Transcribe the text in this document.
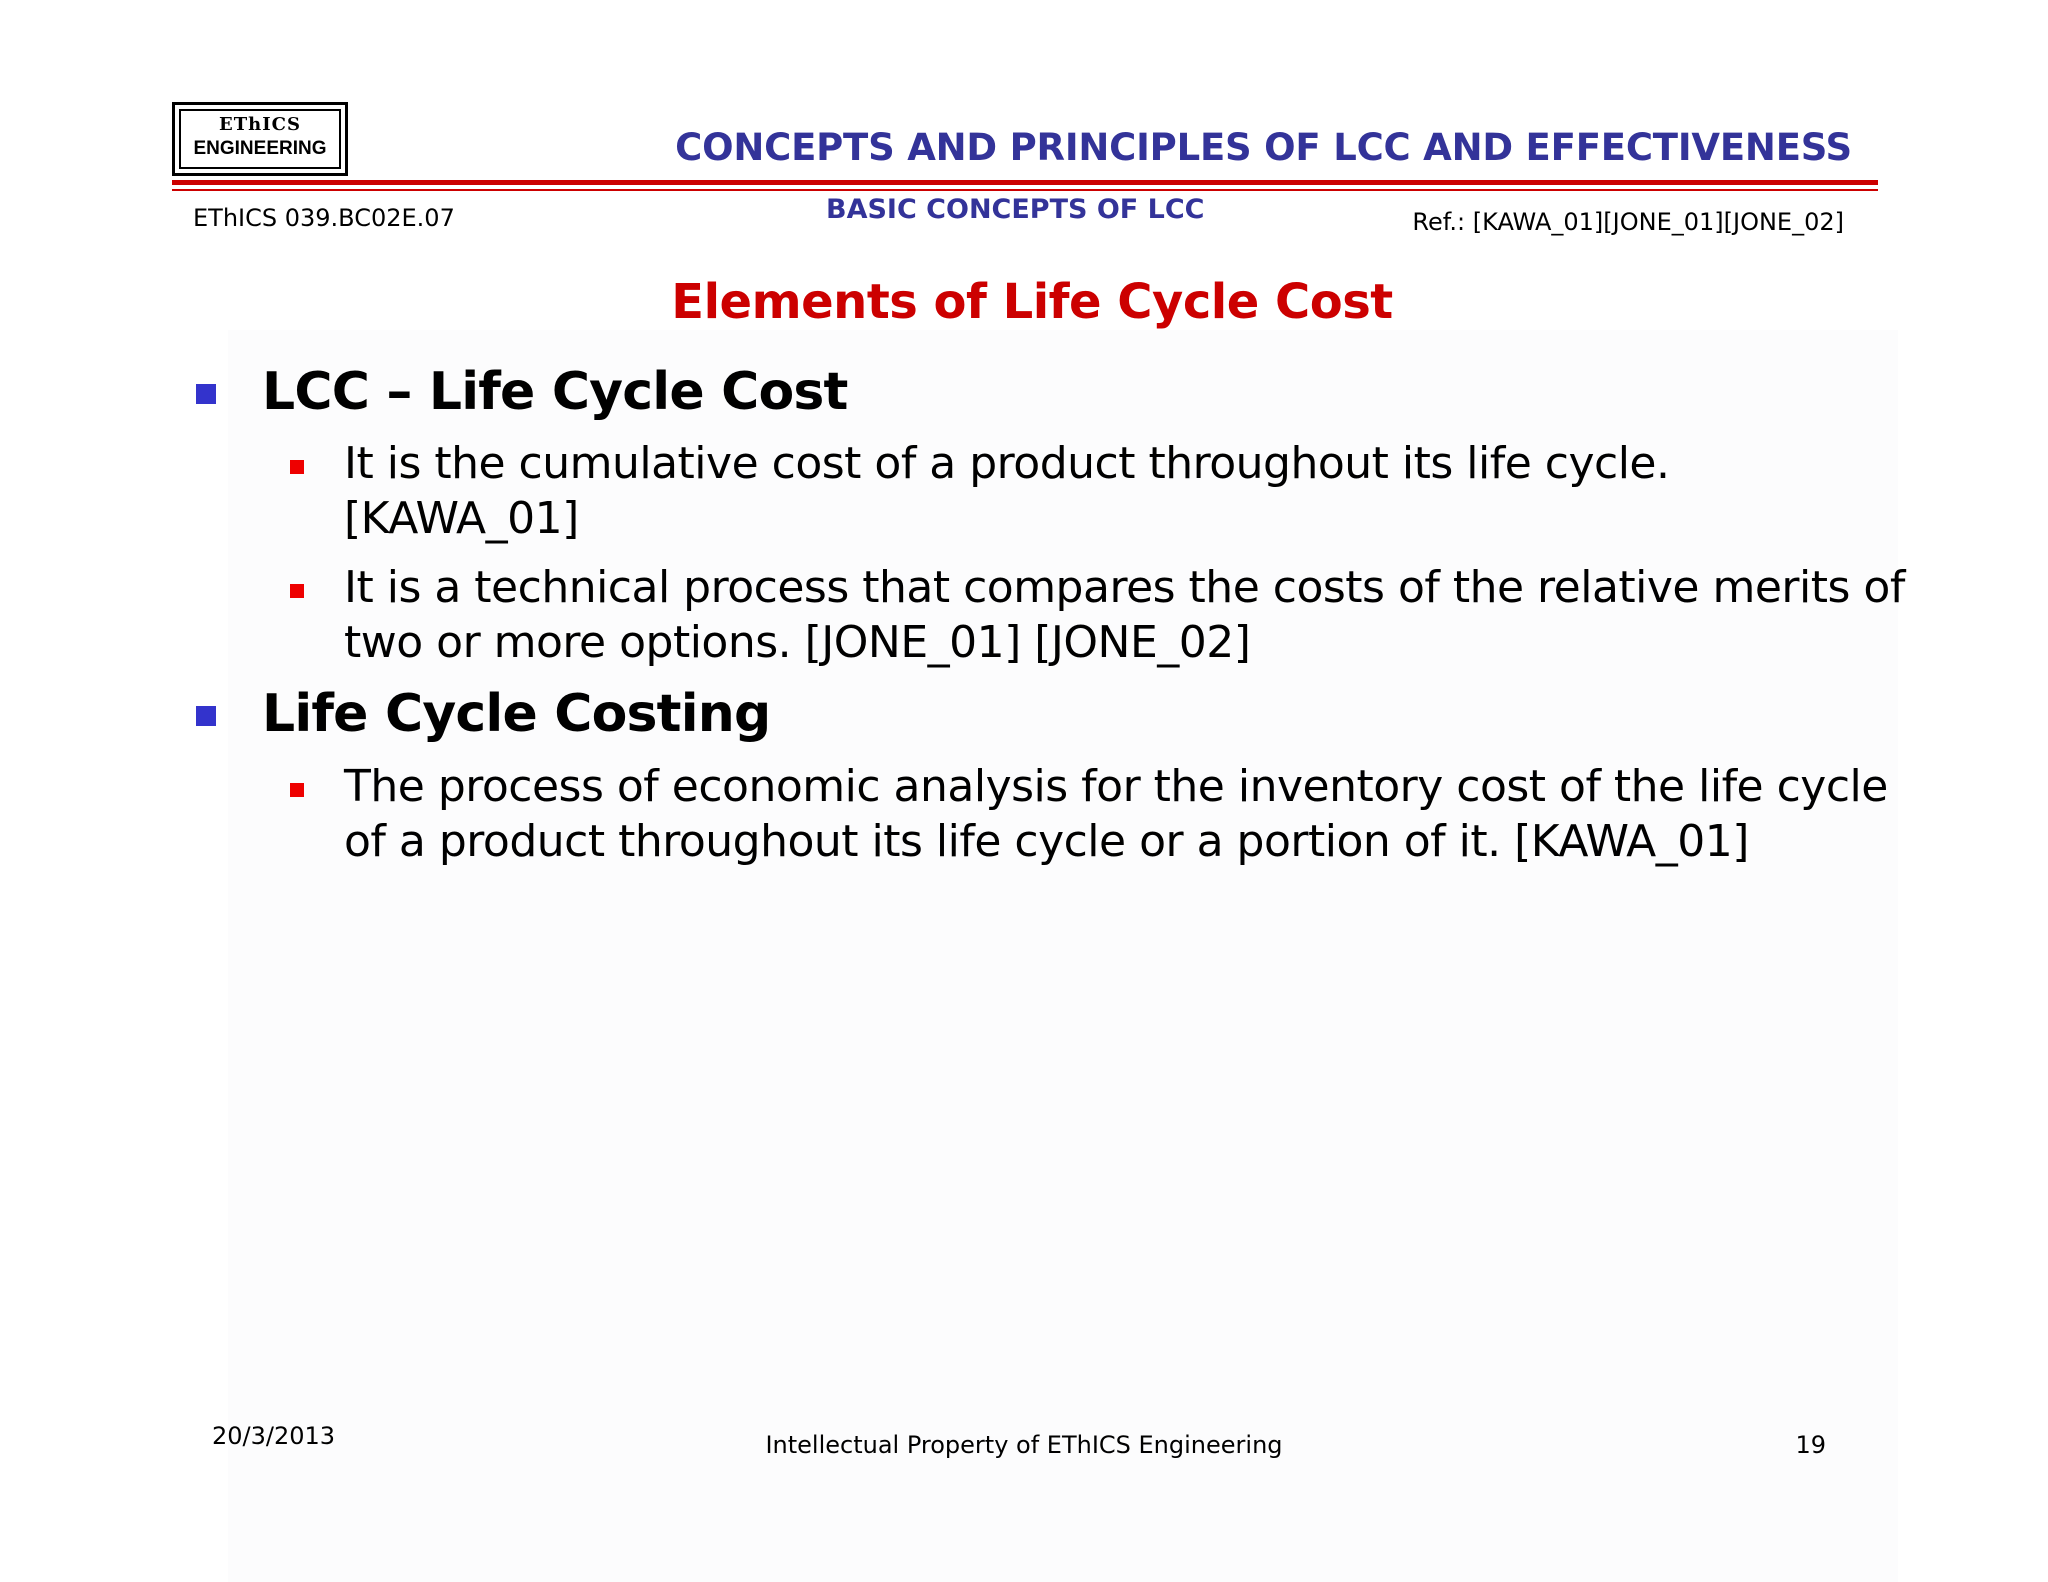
EThICS
ENGINEERING	CONCEPTS AND PRINCIPLES OF LCC AND EFFECTIVENESS
EThICS 039.BC02E.07	BASIC CONCEPTS OF LCC	Ref.: [KAWA_01][JONE_01][JONE_02]
Elements of Life Cycle Cost
LCC – Life Cycle Cost
It is the cumulative cost of a product throughout its life cycle.
[KAWA_01]
It is a technical process that compares the costs of the relative merits of
two or more options. [JONE_01] [JONE_02]
Life Cycle Costing
The process of economic analysis for the inventory cost of the life cycle
of a product throughout its life cycle or a portion of it. [KAWA_01]
20/3/2013	Intellectual Property of EThICS Engineering	19
